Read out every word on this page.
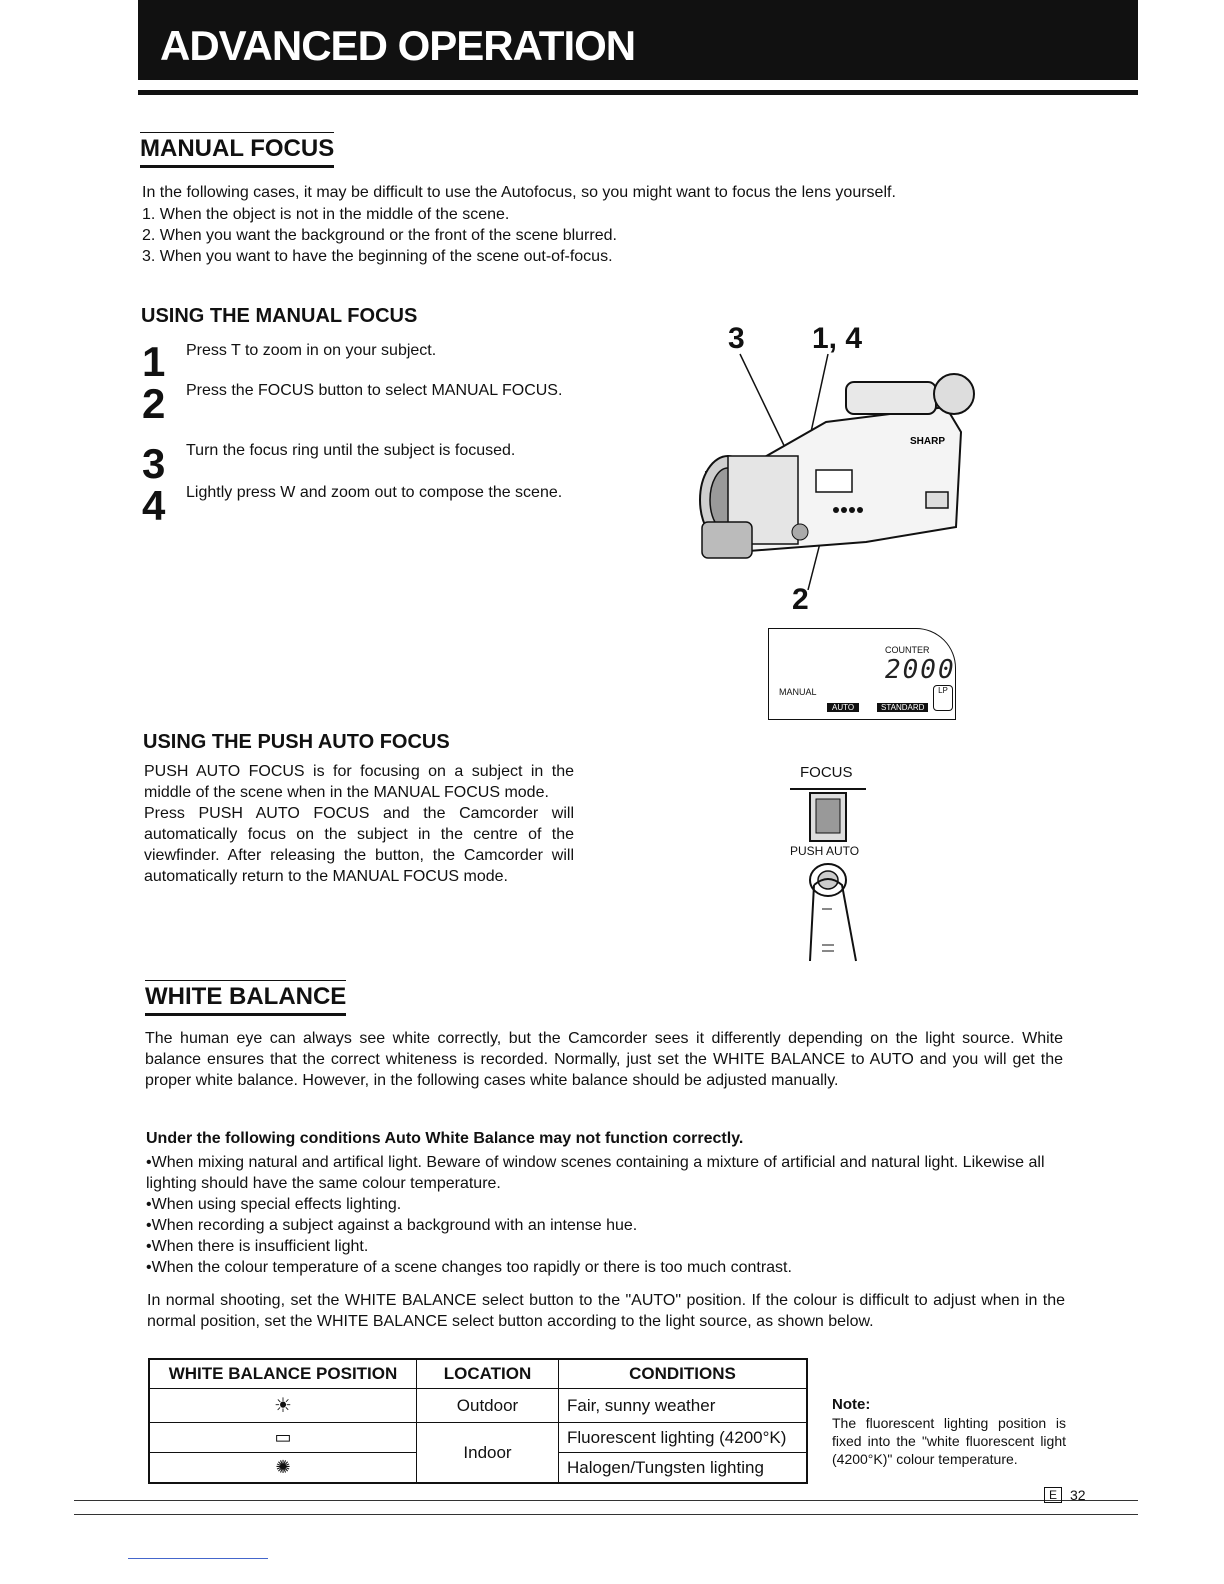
ADVANCED OPERATION
MANUAL FOCUS
In the following cases, it may be difficult to use the Autofocus, so you might want to focus the lens yourself.
1. When the object is not in the middle of the scene.
2. When you want the background or the front of the scene blurred.
3. When you want to have the beginning of the scene out-of-focus.
USING THE MANUAL FOCUS
1 Press T to zoom in on your subject.
2 Press the FOCUS button to select MANUAL FOCUS.
3 Turn the focus ring until the subject is focused.
4 Lightly press W and zoom out to compose the scene.
3 1, 4
SHARP
2
COUNTER
2000
MANUAL
AUTO	STANDARD
LP
FOCUS
PUSH AUTO
USING THE PUSH AUTO FOCUS
PUSH AUTO FOCUS is for focusing on a subject in the middle of the scene when in the MANUAL FOCUS mode.
Press PUSH AUTO FOCUS and the Camcorder will automatically focus on the subject in the centre of the viewfinder. After releasing the button, the Camcorder will automatically return to the MANUAL FOCUS mode.
WHITE BALANCE
The human eye can always see white correctly, but the Camcorder sees it differently depending on the light source. White balance ensures that the correct whiteness is recorded. Normally, just set the WHITE BALANCE to AUTO and you will get the proper white balance. However, in the following cases white balance should be adjusted manually.
Under the following conditions Auto White Balance may not function correctly.
•When mixing natural and artifical light. Beware of window scenes containing a mixture of artificial and natural light. Likewise all lighting should have the same colour temperature.
•When using special effects lighting.
•When recording a subject against a background with an intense hue.
•When there is insufficient light.
•When the colour temperature of a scene changes too rapidly or there is too much contrast.
In normal shooting, set the WHITE BALANCE select button to the "AUTO" position. If the colour is difficult to adjust when in the normal position, set the WHITE BALANCE select button according to the light source, as shown below.
WHITE BALANCE POSITION	LOCATION	CONDITIONS
☀	Outdoor	Fair, sunny weather
▭	Indoor	Fluorescent lighting (4200°K)
✺		Halogen/Tungsten lighting
Note:
The fluorescent lighting position is fixed into the "white fluorescent light (4200°K)" colour temperature.
E 32
